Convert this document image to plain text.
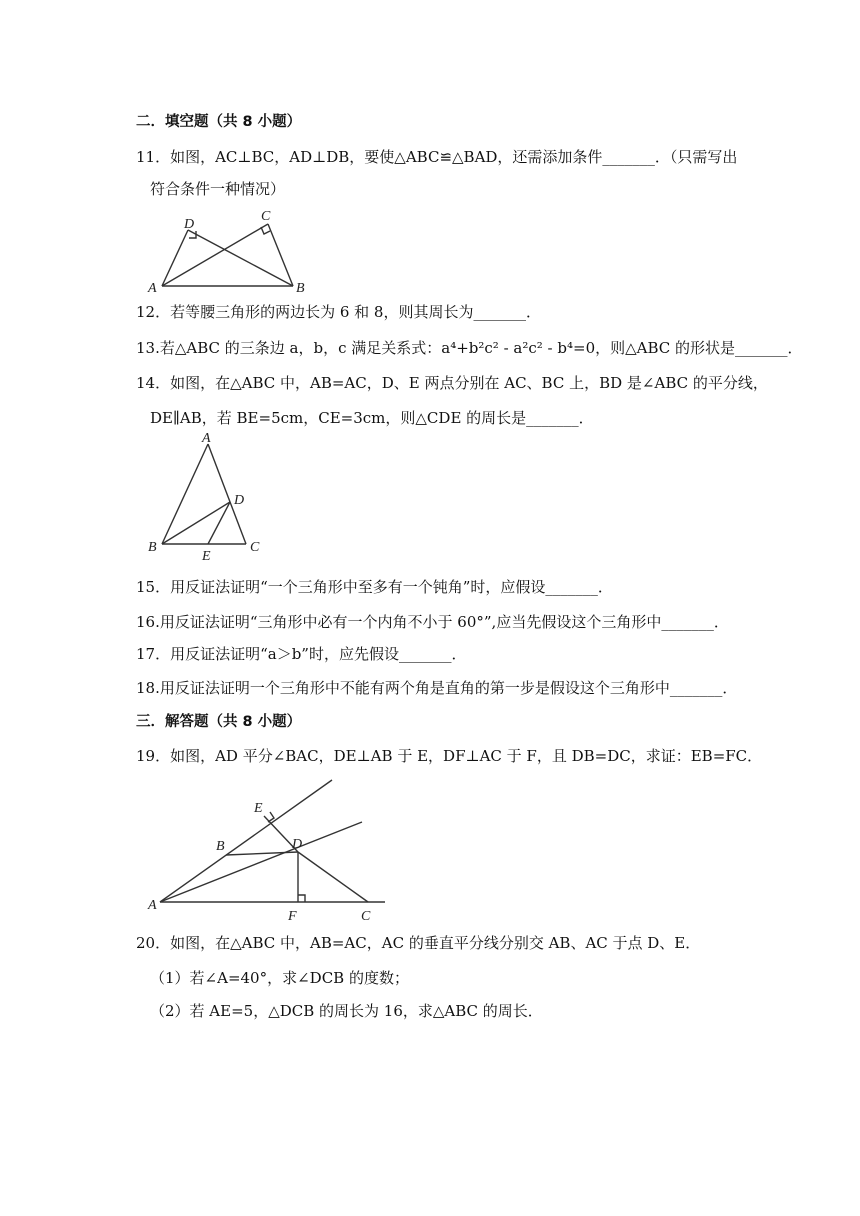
二．填空题（共 8 小题）
11．如图，AC⊥BC，AD⊥DB，要使△ABC≌△BAD，还需添加条件_______．（只需写出
符合条件一种情况）
A	B
C
D
12．若等腰三角形的两边长为 6 和 8，则其周长为_______．
13.若△ABC 的三条边 a，b，c 满足关系式：a⁴+b²c² - a²c² - b⁴=0，则△ABC 的形状是_______．
14．如图，在△ABC 中，AB=AC，D、E 两点分别在 AC、BC 上，BD 是∠ABC 的平分线，
DE∥AB，若 BE=5cm，CE=3cm，则△CDE 的周长是_______．
A
B	C
D
E
15．用反证法证明“一个三角形中至多有一个钝角”时，应假设_______．
16.用反证法证明“三角形中必有一个内角不小于 60°”,应当先假设这个三角形中_______．
17．用反证法证明“a＞b”时，应先假设_______．
18.用反证法证明一个三角形中不能有两个角是直角的第一步是假设这个三角形中_______．
三．解答题（共 8 小题）
19．如图，AD 平分∠BAC，DE⊥AB 于 E，DF⊥AC 于 F，且 DB=DC，求证：EB=FC．
A
B
C
D
E
F
20．如图，在△ABC 中，AB=AC，AC 的垂直平分线分别交 AB、AC 于点 D、E．
（1）若∠A=40°，求∠DCB 的度数；
（2）若 AE=5，△DCB 的周长为 16，求△ABC 的周长．
